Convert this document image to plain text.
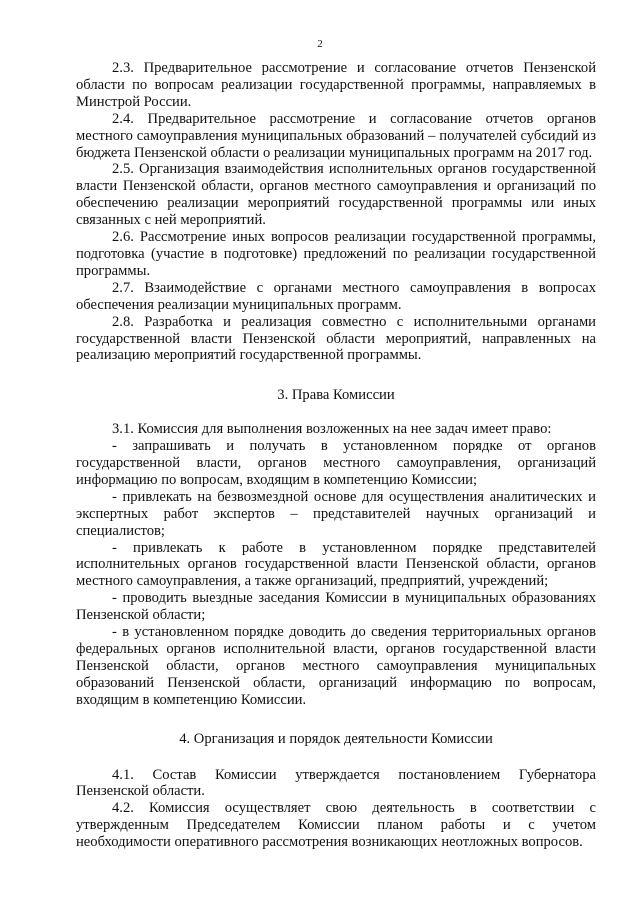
2

2.3. Предварительное рассмотрение и согласование отчетов Пензенской области по вопросам реализации государственной программы, направляемых в Минстрой России.

2.4. Предварительное рассмотрение и согласование отчетов органов местного самоуправления муниципальных образований – получателей субсидий из бюджета Пензенской области о реализации муниципальных программ на 2017 год.

2.5. Организация взаимодействия исполнительных органов государственной власти Пензенской области, органов местного самоуправления и организаций по обеспечению реализации мероприятий государственной программы или иных связанных с ней мероприятий.

2.6. Рассмотрение иных вопросов реализации государственной программы, подготовка (участие в подготовке) предложений по реализации государственной программы.

2.7. Взаимодействие с органами местного самоуправления в вопросах обеспечения реализации муниципальных программ.

2.8. Разработка и реализация совместно с исполнительными органами государственной власти Пензенской области мероприятий, направленных на реализацию мероприятий государственной программы.

3. Права Комиссии

3.1. Комиссия для выполнения возложенных на нее задач имеет право:

- запрашивать и получать в установленном порядке от органов государственной власти, органов местного самоуправления, организаций информацию по вопросам, входящим в компетенцию Комиссии;

- привлекать на безвозмездной основе для осуществления аналитических и экспертных работ экспертов – представителей научных организаций и специалистов;

- привлекать к работе в установленном порядке представителей исполнительных органов государственной власти Пензенской области, органов местного самоуправления, а также организаций, предприятий, учреждений;

- проводить выездные заседания Комиссии в муниципальных образованиях Пензенской области;

- в установленном порядке доводить до сведения территориальных органов федеральных органов исполнительной власти, органов государственной власти Пензенской области, органов местного самоуправления муниципальных образований Пензенской области, организаций информацию по вопросам, входящим в компетенцию Комиссии.

4. Организация и порядок деятельности Комиссии

4.1. Состав Комиссии утверждается постановлением Губернатора Пензенской области.

4.2. Комиссия осуществляет свою деятельность в соответствии с утвержденным Председателем Комиссии планом работы и с учетом необходимости оперативного рассмотрения возникающих неотложных вопросов.
